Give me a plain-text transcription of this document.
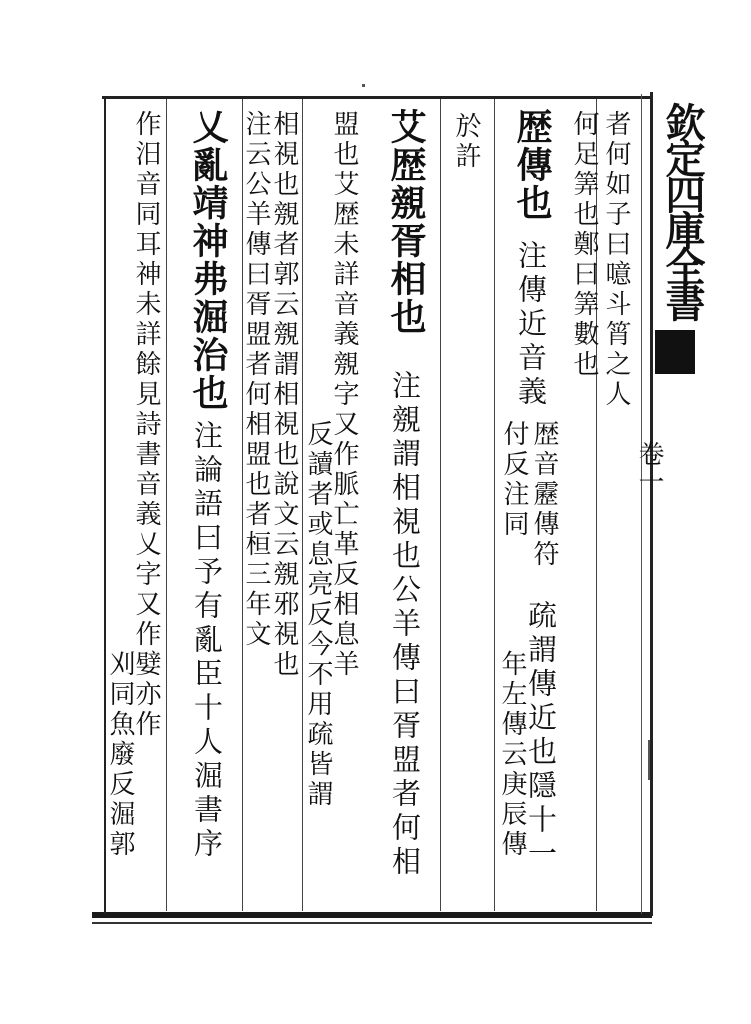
欽定四庫全書
卷一
者何如子曰噫斗筲之人
何足筭也鄭曰筭數也
歴傳也
注傳近音義
歴音靂傳符
付反注同
疏謂傳近也隱十一
年左傳云庚辰傳
於許
艾歴覫胥相也
注覫謂相視也公羊傳曰胥盟者何相
盟也艾歴未詳音義覫字又作脈亡革反相息羊
反讀者或息亮反今不用疏皆謂
相視也覫者郭云覫謂相視也說文云覫邪視也
注云公羊傳曰胥盟者何相盟也者桓三年文
乂亂靖神弗淈治也
注論語曰予有亂臣十人淈書序
作汨音同耳神未詳餘見詩書音義乂字又作嬖亦作
刈同魚廢反淈郭
